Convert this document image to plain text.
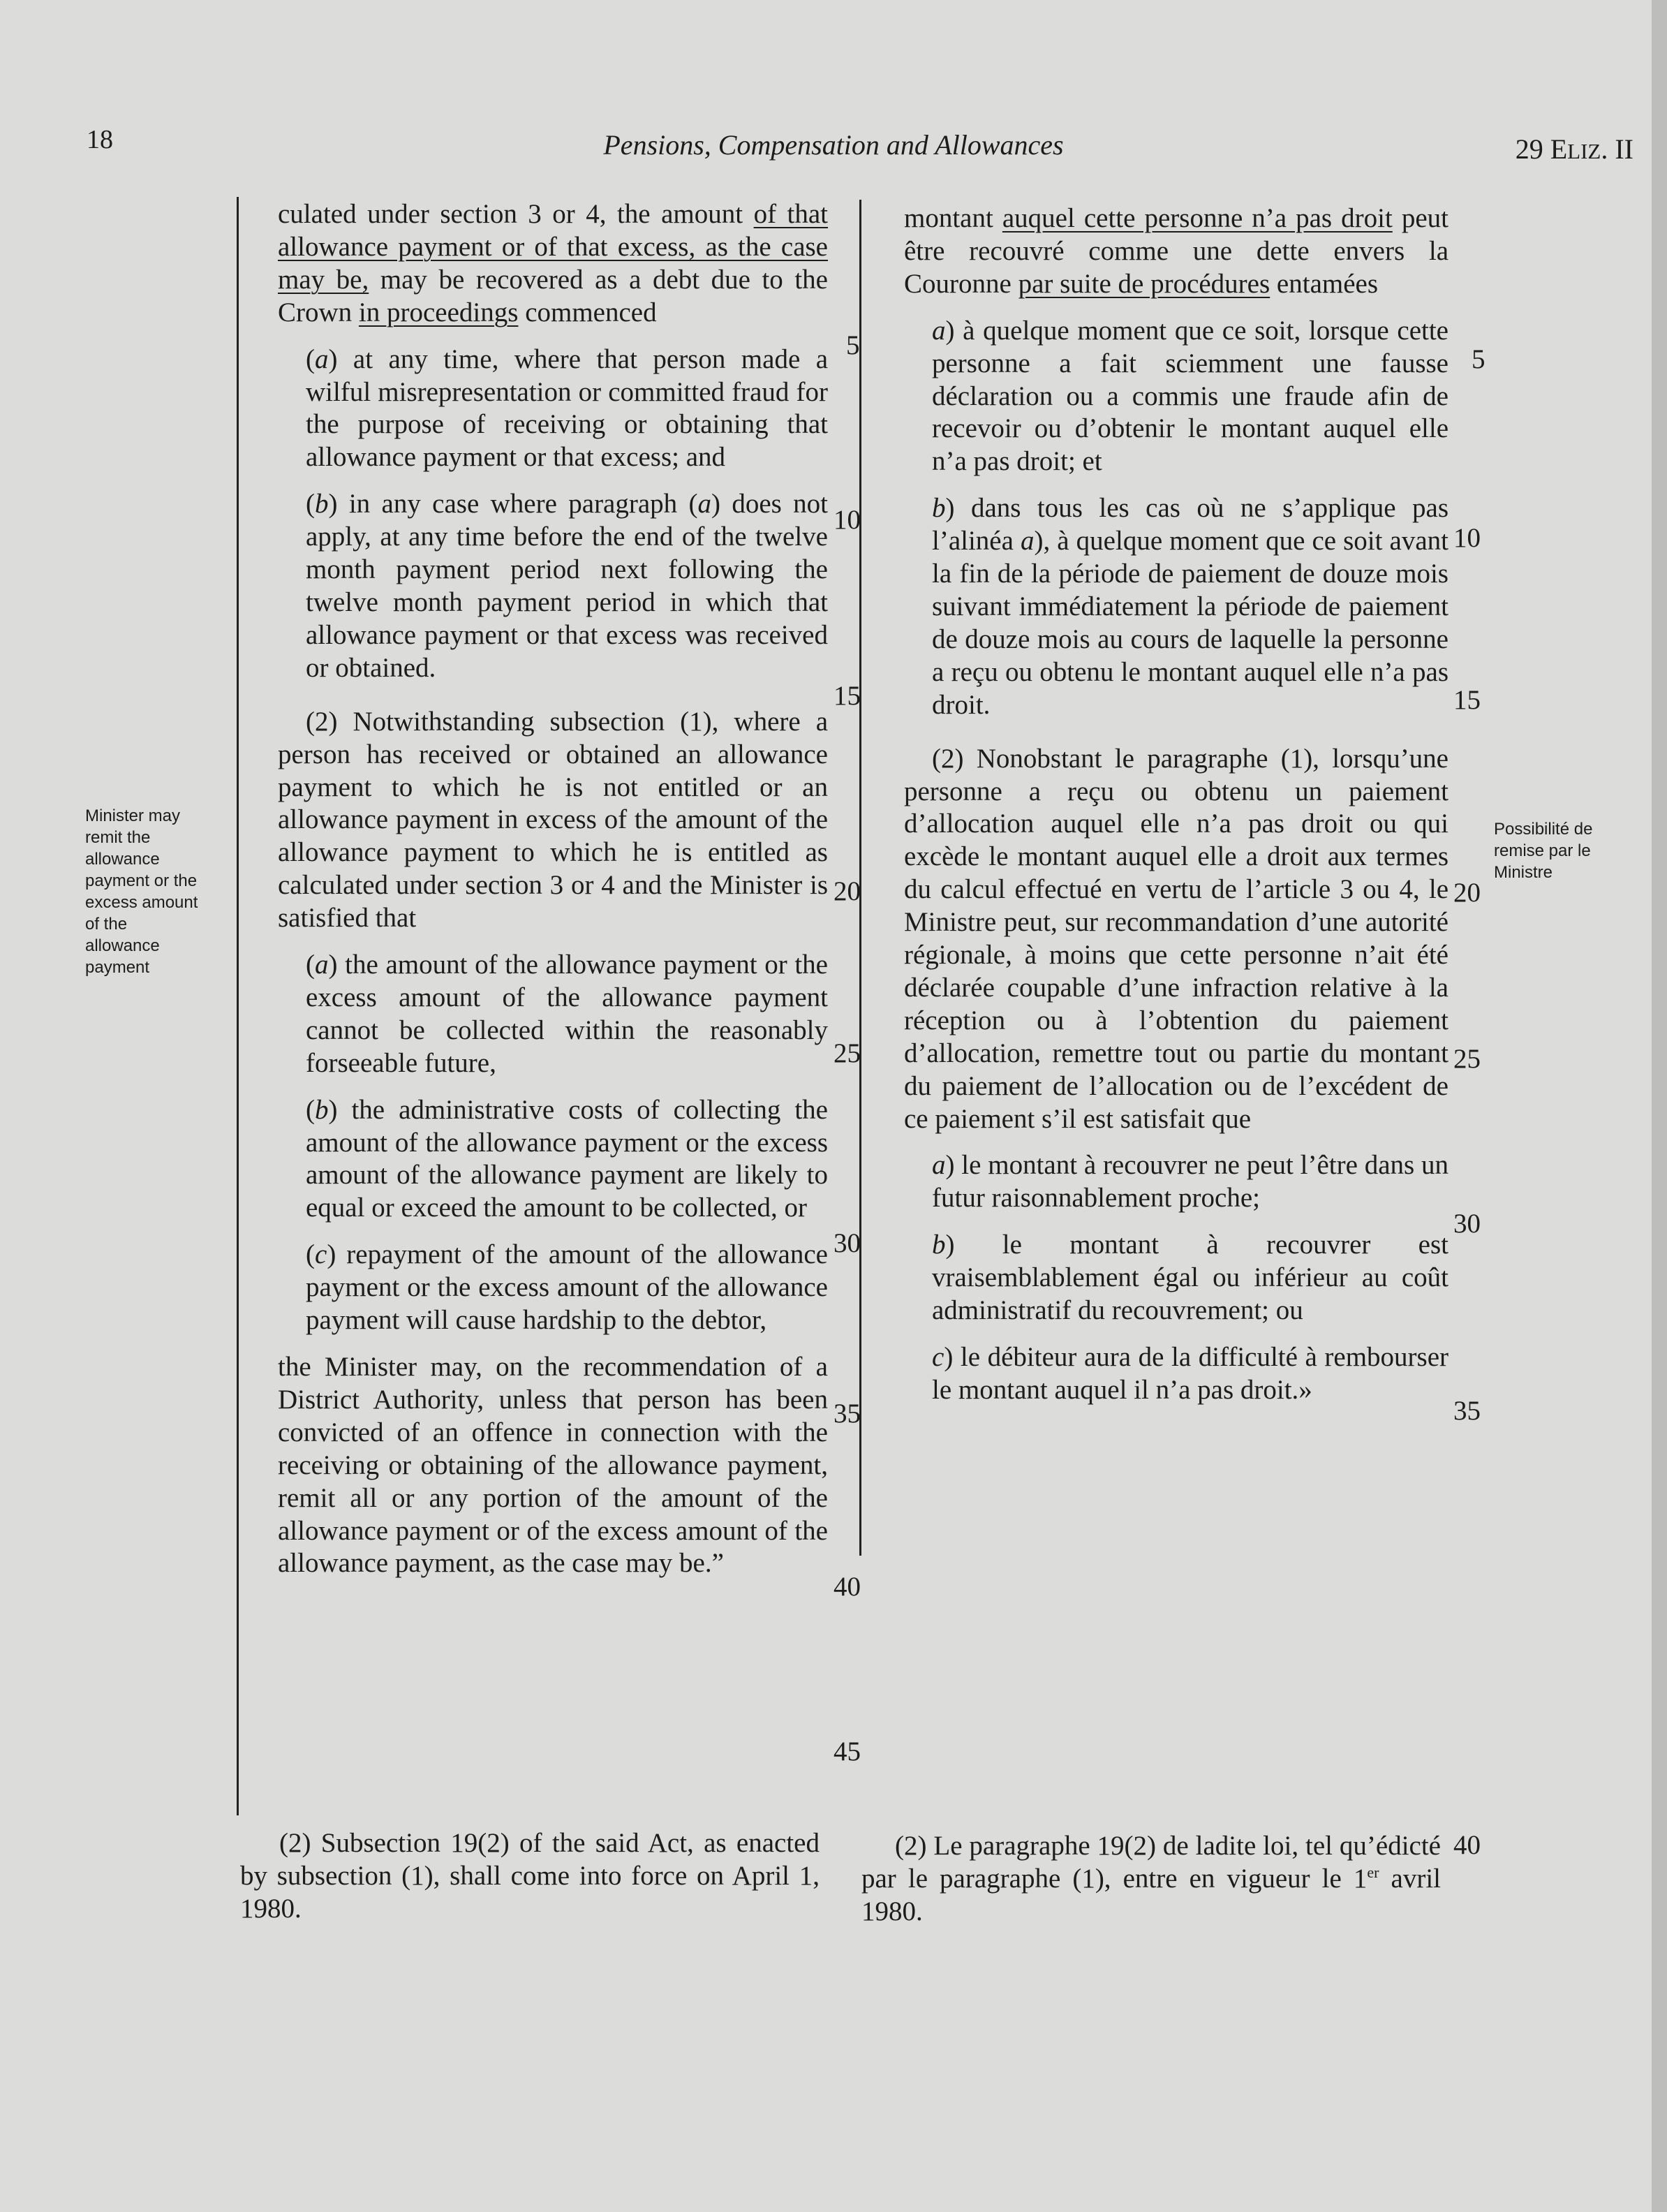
18	Pensions, Compensation and Allowances	29 ELIZ. II
Minister may
remit the
allowance
payment or the
excess amount
of the
allowance
payment
Possibilité de
remise par le
Ministre

culated under section 3 or 4, the amount of that allowance payment or of that excess, as the case may be, may be recovered as a debt due to the Crown in proceedings commenced

(a) at any time, where that person made a wilful misrepresentation or committed fraud for the purpose of receiving or obtaining that allowance payment or that excess; and

(b) in any case where paragraph (a) does not apply, at any time before the end of the twelve month payment period next following the twelve month payment period in which that allowance payment or that excess was received or obtained.

(2) Notwithstanding subsection (1), where a person has received or obtained an allowance payment to which he is not entitled or an allowance payment in excess of the amount of the allowance payment to which he is entitled as calculated under section 3 or 4 and the Minister is satisfied that

(a) the amount of the allowance payment or the excess amount of the allowance payment cannot be collected within the reasonably forseeable future,

(b) the administrative costs of collecting the amount of the allowance payment or the excess amount of the allowance payment are likely to equal or exceed the amount to be collected, or

(c) repayment of the amount of the allowance payment or the excess amount of the allowance payment will cause hardship to the debtor,

the Minister may, on the recommendation of a District Authority, unless that person has been convicted of an offence in connection with the receiving or obtaining of the allowance payment, remit all or any portion of the amount of the allowance payment or of the excess amount of the allowance payment, as the case may be.”

montant auquel cette personne n’a pas droit peut être recouvré comme une dette envers la Couronne par suite de procédures entamées

a) à quelque moment que ce soit, lorsque cette personne a fait sciemment une fausse déclaration ou a commis une fraude afin de recevoir ou d’obtenir le montant auquel elle n’a pas droit; et

b) dans tous les cas où ne s’applique pas l’alinéa a), à quelque moment que ce soit avant la fin de la période de paiement de douze mois suivant immédiatement la période de paiement de douze mois au cours de laquelle la personne a reçu ou obtenu le montant auquel elle n’a pas droit.

(2) Nonobstant le paragraphe (1), lorsqu’une personne a reçu ou obtenu un paiement d’allocation auquel elle n’a pas droit ou qui excède le montant auquel elle a droit aux termes du calcul effectué en vertu de l’article 3 ou 4, le Ministre peut, sur recommandation d’une autorité régionale, à moins que cette personne n’ait été déclarée coupable d’une infraction relative à la réception ou à l’obtention du paiement d’allocation, remettre tout ou partie du montant du paiement de l’allocation ou de l’excédent de ce paiement s’il est satisfait que

a) le montant à recouvrer ne peut l’être dans un futur raisonnablement proche;

b) le montant à recouvrer est vraisemblablement égal ou inférieur au coût administratif du recouvrement; ou

c) le débiteur aura de la difficulté à rembourser le montant auquel il n’a pas droit.»

5
10
15
20
25
30
35
40
45
5
10
15
20
25
30
35
40
(2) Subsection 19(2) of the said Act, as enacted by subsection (1), shall come into force on April 1, 1980.
(2) Le paragraphe 19(2) de ladite loi, tel qu’édicté par le paragraphe (1), entre en vigueur le 1er avril 1980.
